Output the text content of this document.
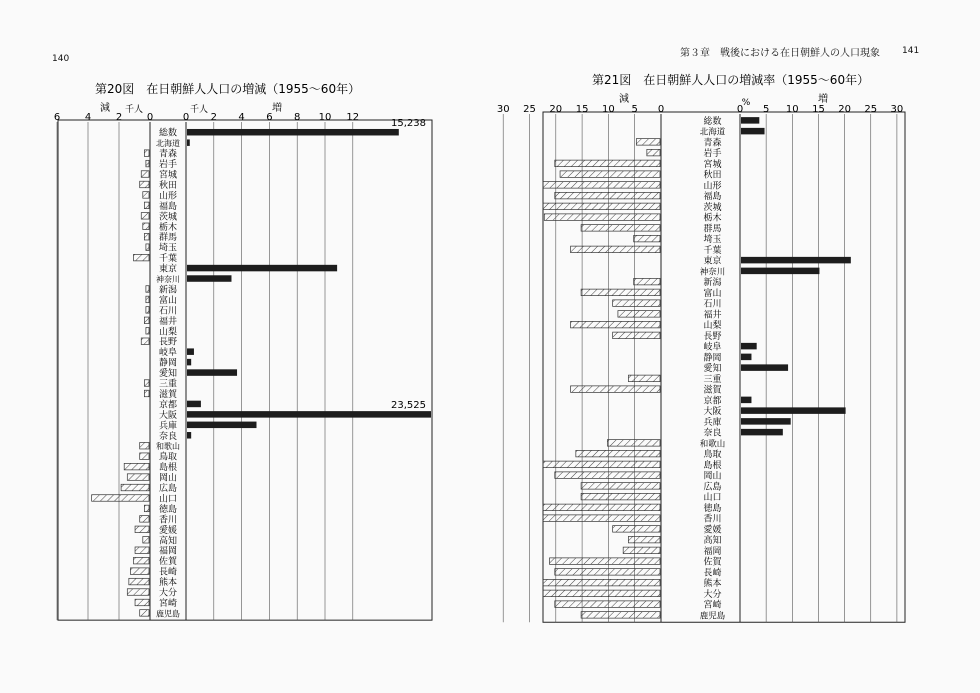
140
第20図　在日朝鮮人人口の増減（1955～60年）
6 4 2 0	0 2 4 6 8 10 12
減	増
千人	千人
総数
北海道
青森
岩手
宮城
秋田
山形
福島
茨城
栃木
群馬
埼玉
千葉
東京
神奈川
新潟
富山
石川
福井
山梨
長野
岐阜
静岡
愛知
三重
滋賀
京都
大阪
兵庫
奈良
和歌山
鳥取
島根
岡山
広島
山口
徳島
香川
愛媛
高知
福岡
佐賀
長崎
熊本
大分
宮崎
鹿児島
15,238
23,525
第３章　戦後における在日朝鮮人の人口現象 141
第21図　在日朝鮮人人口の増減率（1955～60年）
30 25 20 15 10 5 0	0 5 10 15 20 25 30
減	増
%
総数
北海道
青森
岩手
宮城
秋田
山形
福島
茨城
栃木
群馬
埼玉
千葉
東京
神奈川
新潟
富山
石川
福井
山梨
長野
岐阜
静岡
愛知
三重
滋賀
京都
大阪
兵庫
奈良
和歌山
鳥取
島根
岡山
広島
山口
徳島
香川
愛媛
高知
福岡
佐賀
長崎
熊本
大分
宮崎
鹿児島
